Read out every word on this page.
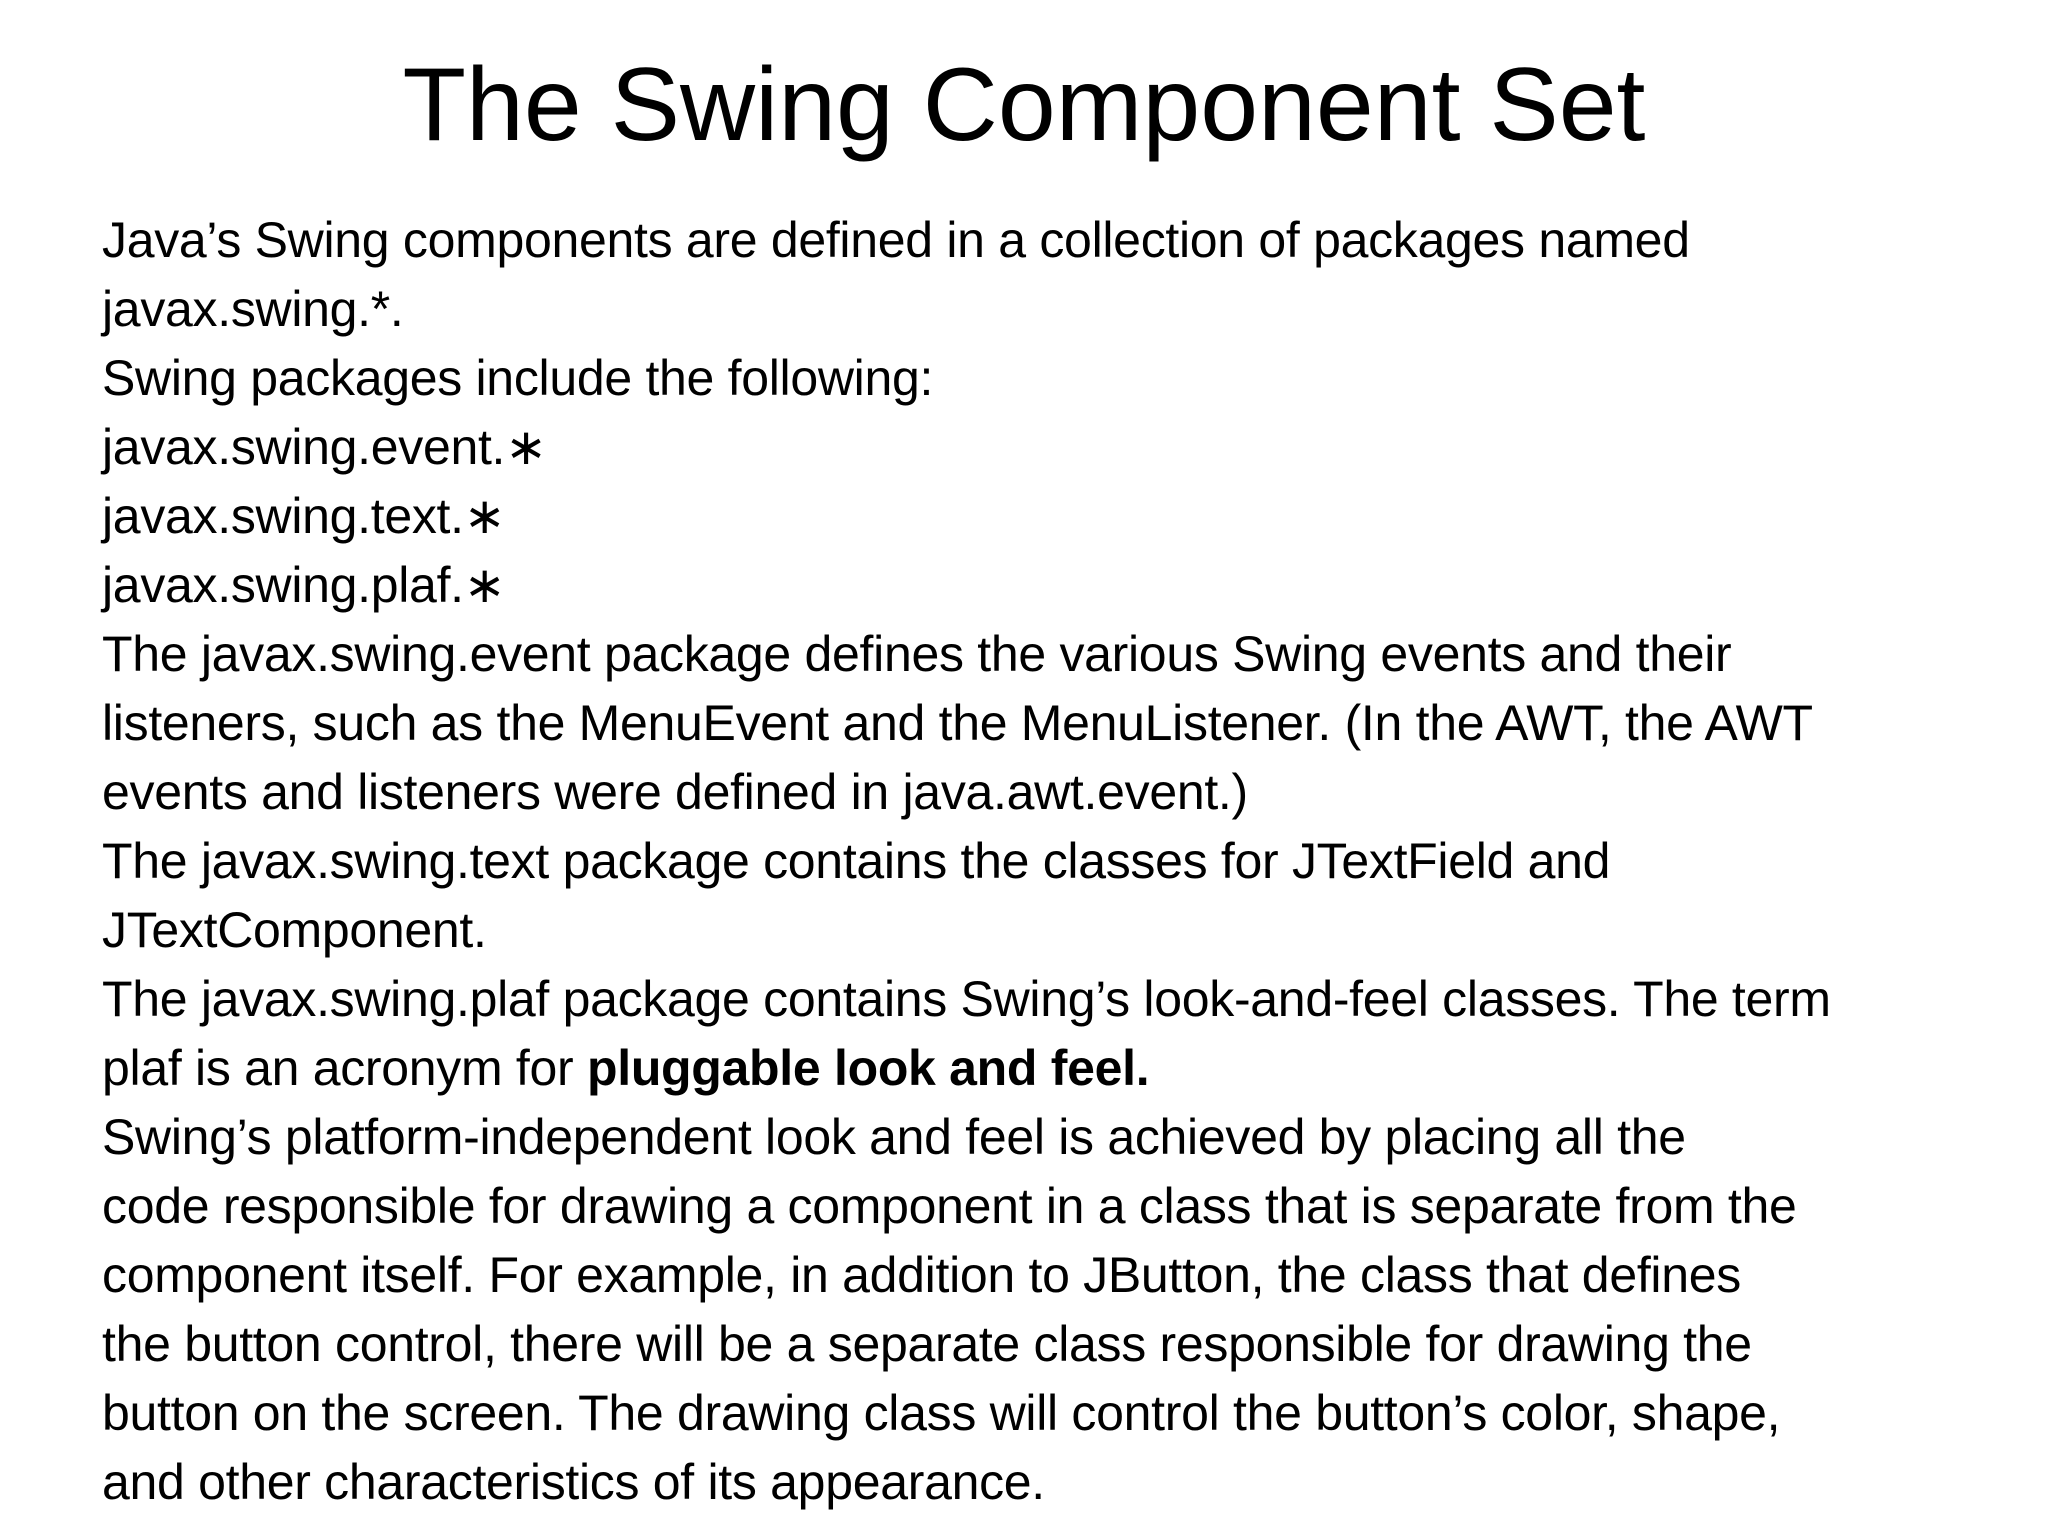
The Swing Component Set
Java’s Swing components are defined in a collection of packages named
javax.swing.*.
Swing packages include the following:
javax.swing.event.∗
javax.swing.text.∗
javax.swing.plaf.∗
The javax.swing.event package defines the various Swing events and their
listeners, such as the MenuEvent and the MenuListener. (In the AWT, the AWT
events and listeners were defined in java.awt.event.)
The javax.swing.text package contains the classes for JTextField and
JTextComponent.
The javax.swing.plaf package contains Swing’s look-and-feel classes. The term
plaf is an acronym for pluggable look and feel.
Swing’s platform-independent look and feel is achieved by placing all the
code responsible for drawing a component in a class that is separate from the
component itself. For example, in addition to JButton, the class that defines
the button control, there will be a separate class responsible for drawing the
button on the screen. The drawing class will control the button’s color, shape,
and other characteristics of its appearance.
